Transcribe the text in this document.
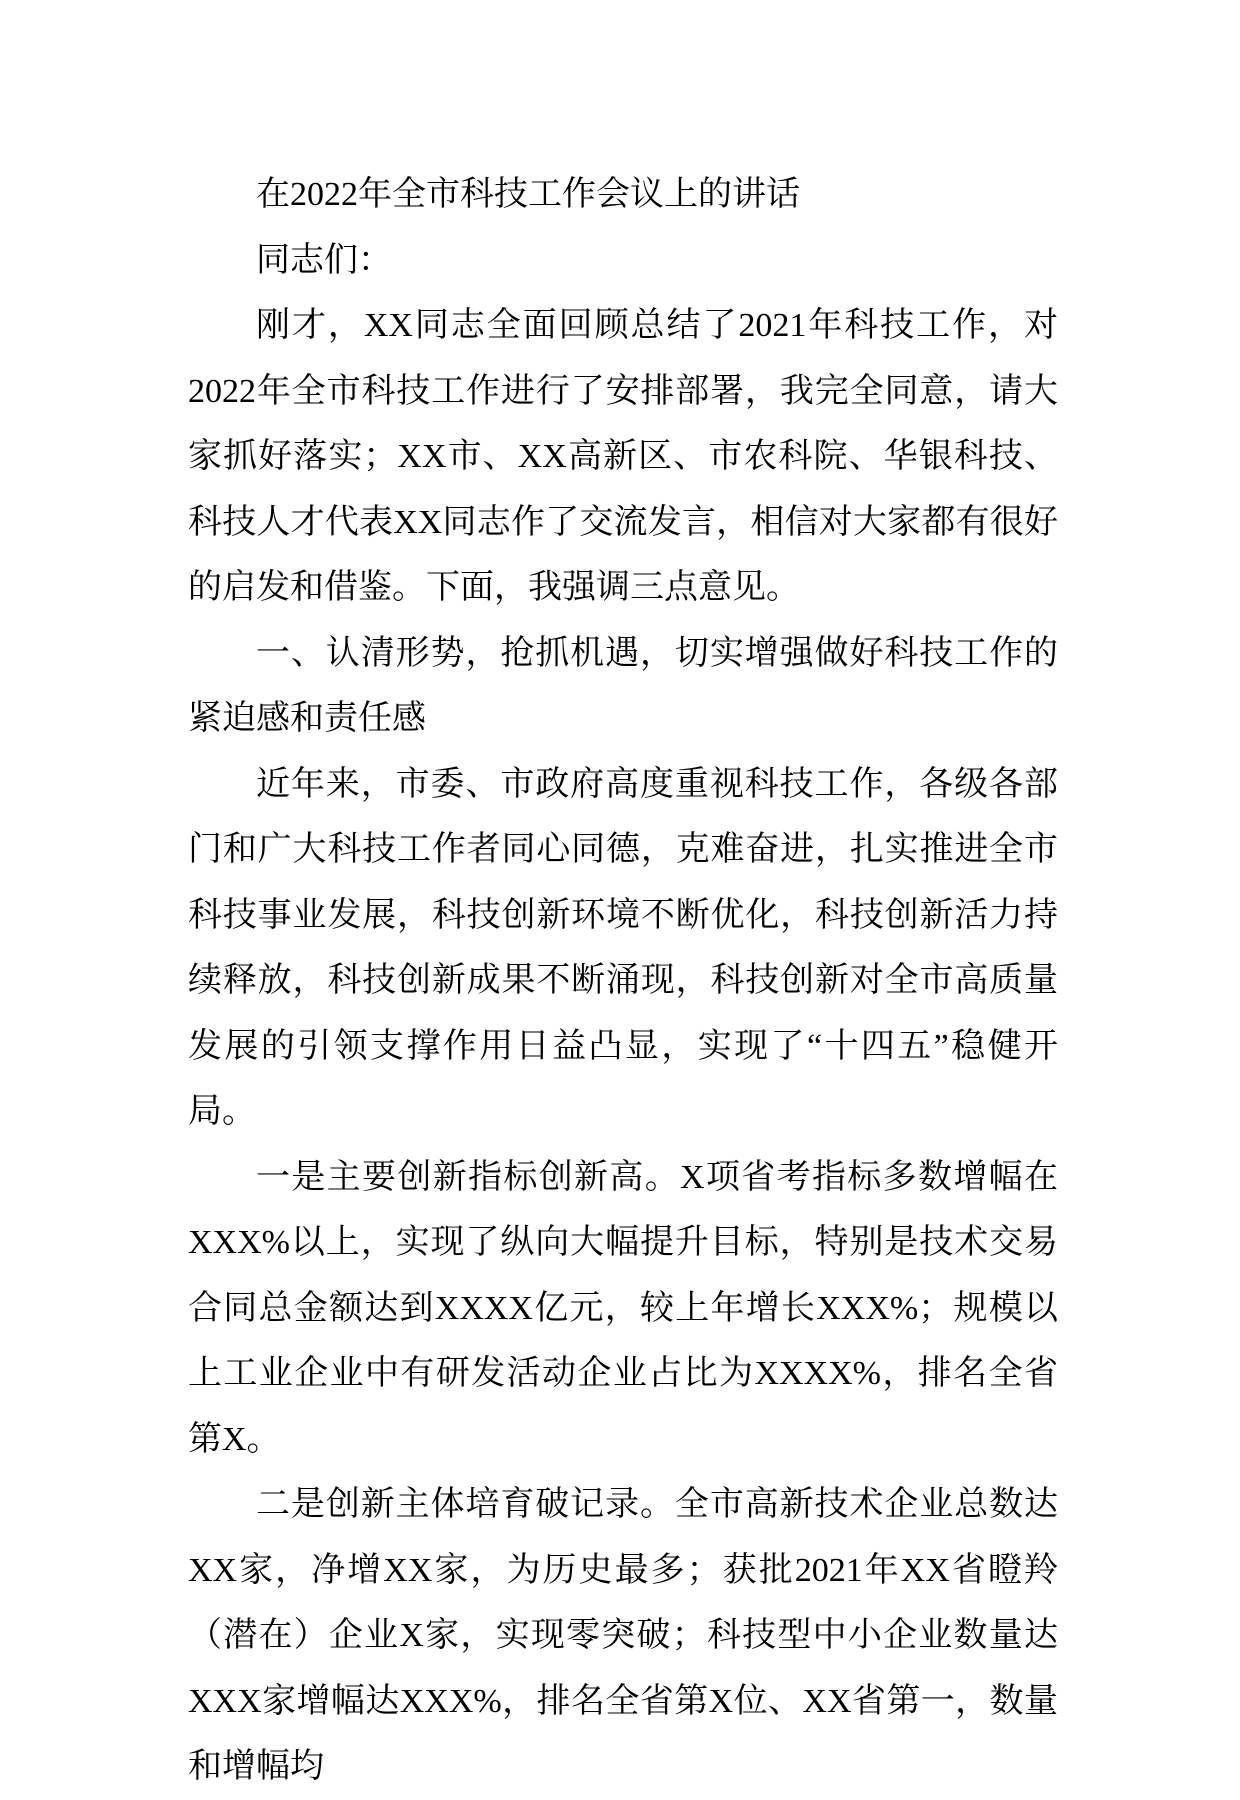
在2022年全市科技工作会议上的讲话

同志们：

刚才，XX同志全面回顾总结了2021年科技工作，对2022年全市科技工作进行了安排部署，我完全同意，请大家抓好落实；XX市、XX高新区、市农科院、华银科技、科技人才代表XX同志作了交流发言，相信对大家都有很好的启发和借鉴。下面，我强调三点意见。

一、认清形势，抢抓机遇，切实增强做好科技工作的紧迫感和责任感

近年来，市委、市政府高度重视科技工作，各级各部门和广大科技工作者同心同德，克难奋进，扎实推进全市科技事业发展，科技创新环境不断优化，科技创新活力持续释放，科技创新成果不断涌现，科技创新对全市高质量发展的引领支撑作用日益凸显，实现了“十四五”稳健开局。

一是主要创新指标创新高。X项省考指标多数增幅在XXX%以上，实现了纵向大幅提升目标，特别是技术交易合同总金额达到XXXX亿元，较上年增长XXX%；规模以上工业企业中有研发活动企业占比为XXXX%，排名全省第X。

二是创新主体培育破记录。全市高新技术企业总数达XX家，净增XX家，为历史最多；获批2021年XX省瞪羚（潜在）企业X家，实现零突破；科技型中小企业数量达XXX家增幅达XXX%，排名全省第X位、XX省第一，数量和增幅均
